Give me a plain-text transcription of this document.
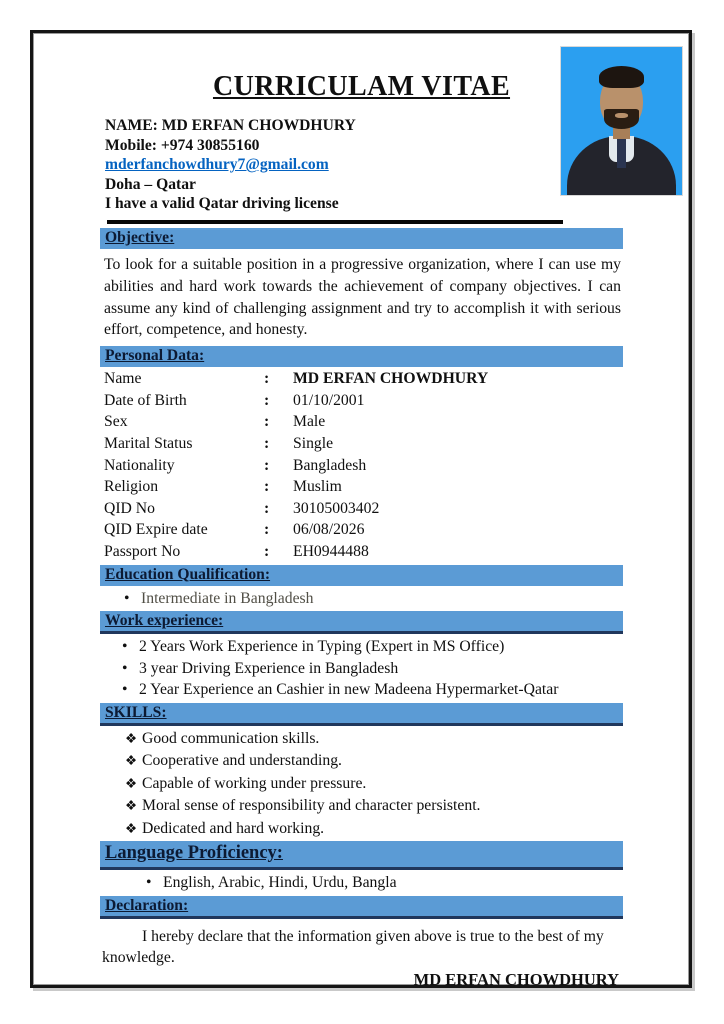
CURRICULAM VITAE
NAME: MD ERFAN CHOWDHURY
Mobile: +974 30855160
mderfanchowdhury7@gmail.com
Doha – Qatar
I have a valid Qatar driving license
Objective:

To look for a suitable position in a progressive organization, where I can use my abilities and hard work towards the achievement of company objectives. I can assume any kind of challenging assignment and try to accomplish it with serious effort, competence, and honesty.

Personal Data:
Name	:	MD ERFAN CHOWDHURY
Date of Birth	:	01/10/2001
Sex	:	Male
Marital Status	:	Single
Nationality	:	Bangladesh
Religion	:	Muslim
QID No	:	30105003402
QID Expire date	:	06/08/2026
Passport No	:	EH0944488
Education Qualification:
• Intermediate in Bangladesh
Work experience:
• 2 Years Work Experience in Typing (Expert in MS Office)
• 3 year Driving Experience in Bangladesh
• 2 Year Experience an Cashier in new Madeena Hypermarket-Qatar
SKILLS:
❖ Good communication skills.
❖ Cooperative and understanding.
❖ Capable of working under pressure.
❖ Moral sense of responsibility and character persistent.
❖ Dedicated and hard working.
Language Proficiency:
• English, Arabic, Hindi, Urdu, Bangla
Declaration:

I hereby declare that the information given above is true to the best of my knowledge.

MD ERFAN CHOWDHURY
